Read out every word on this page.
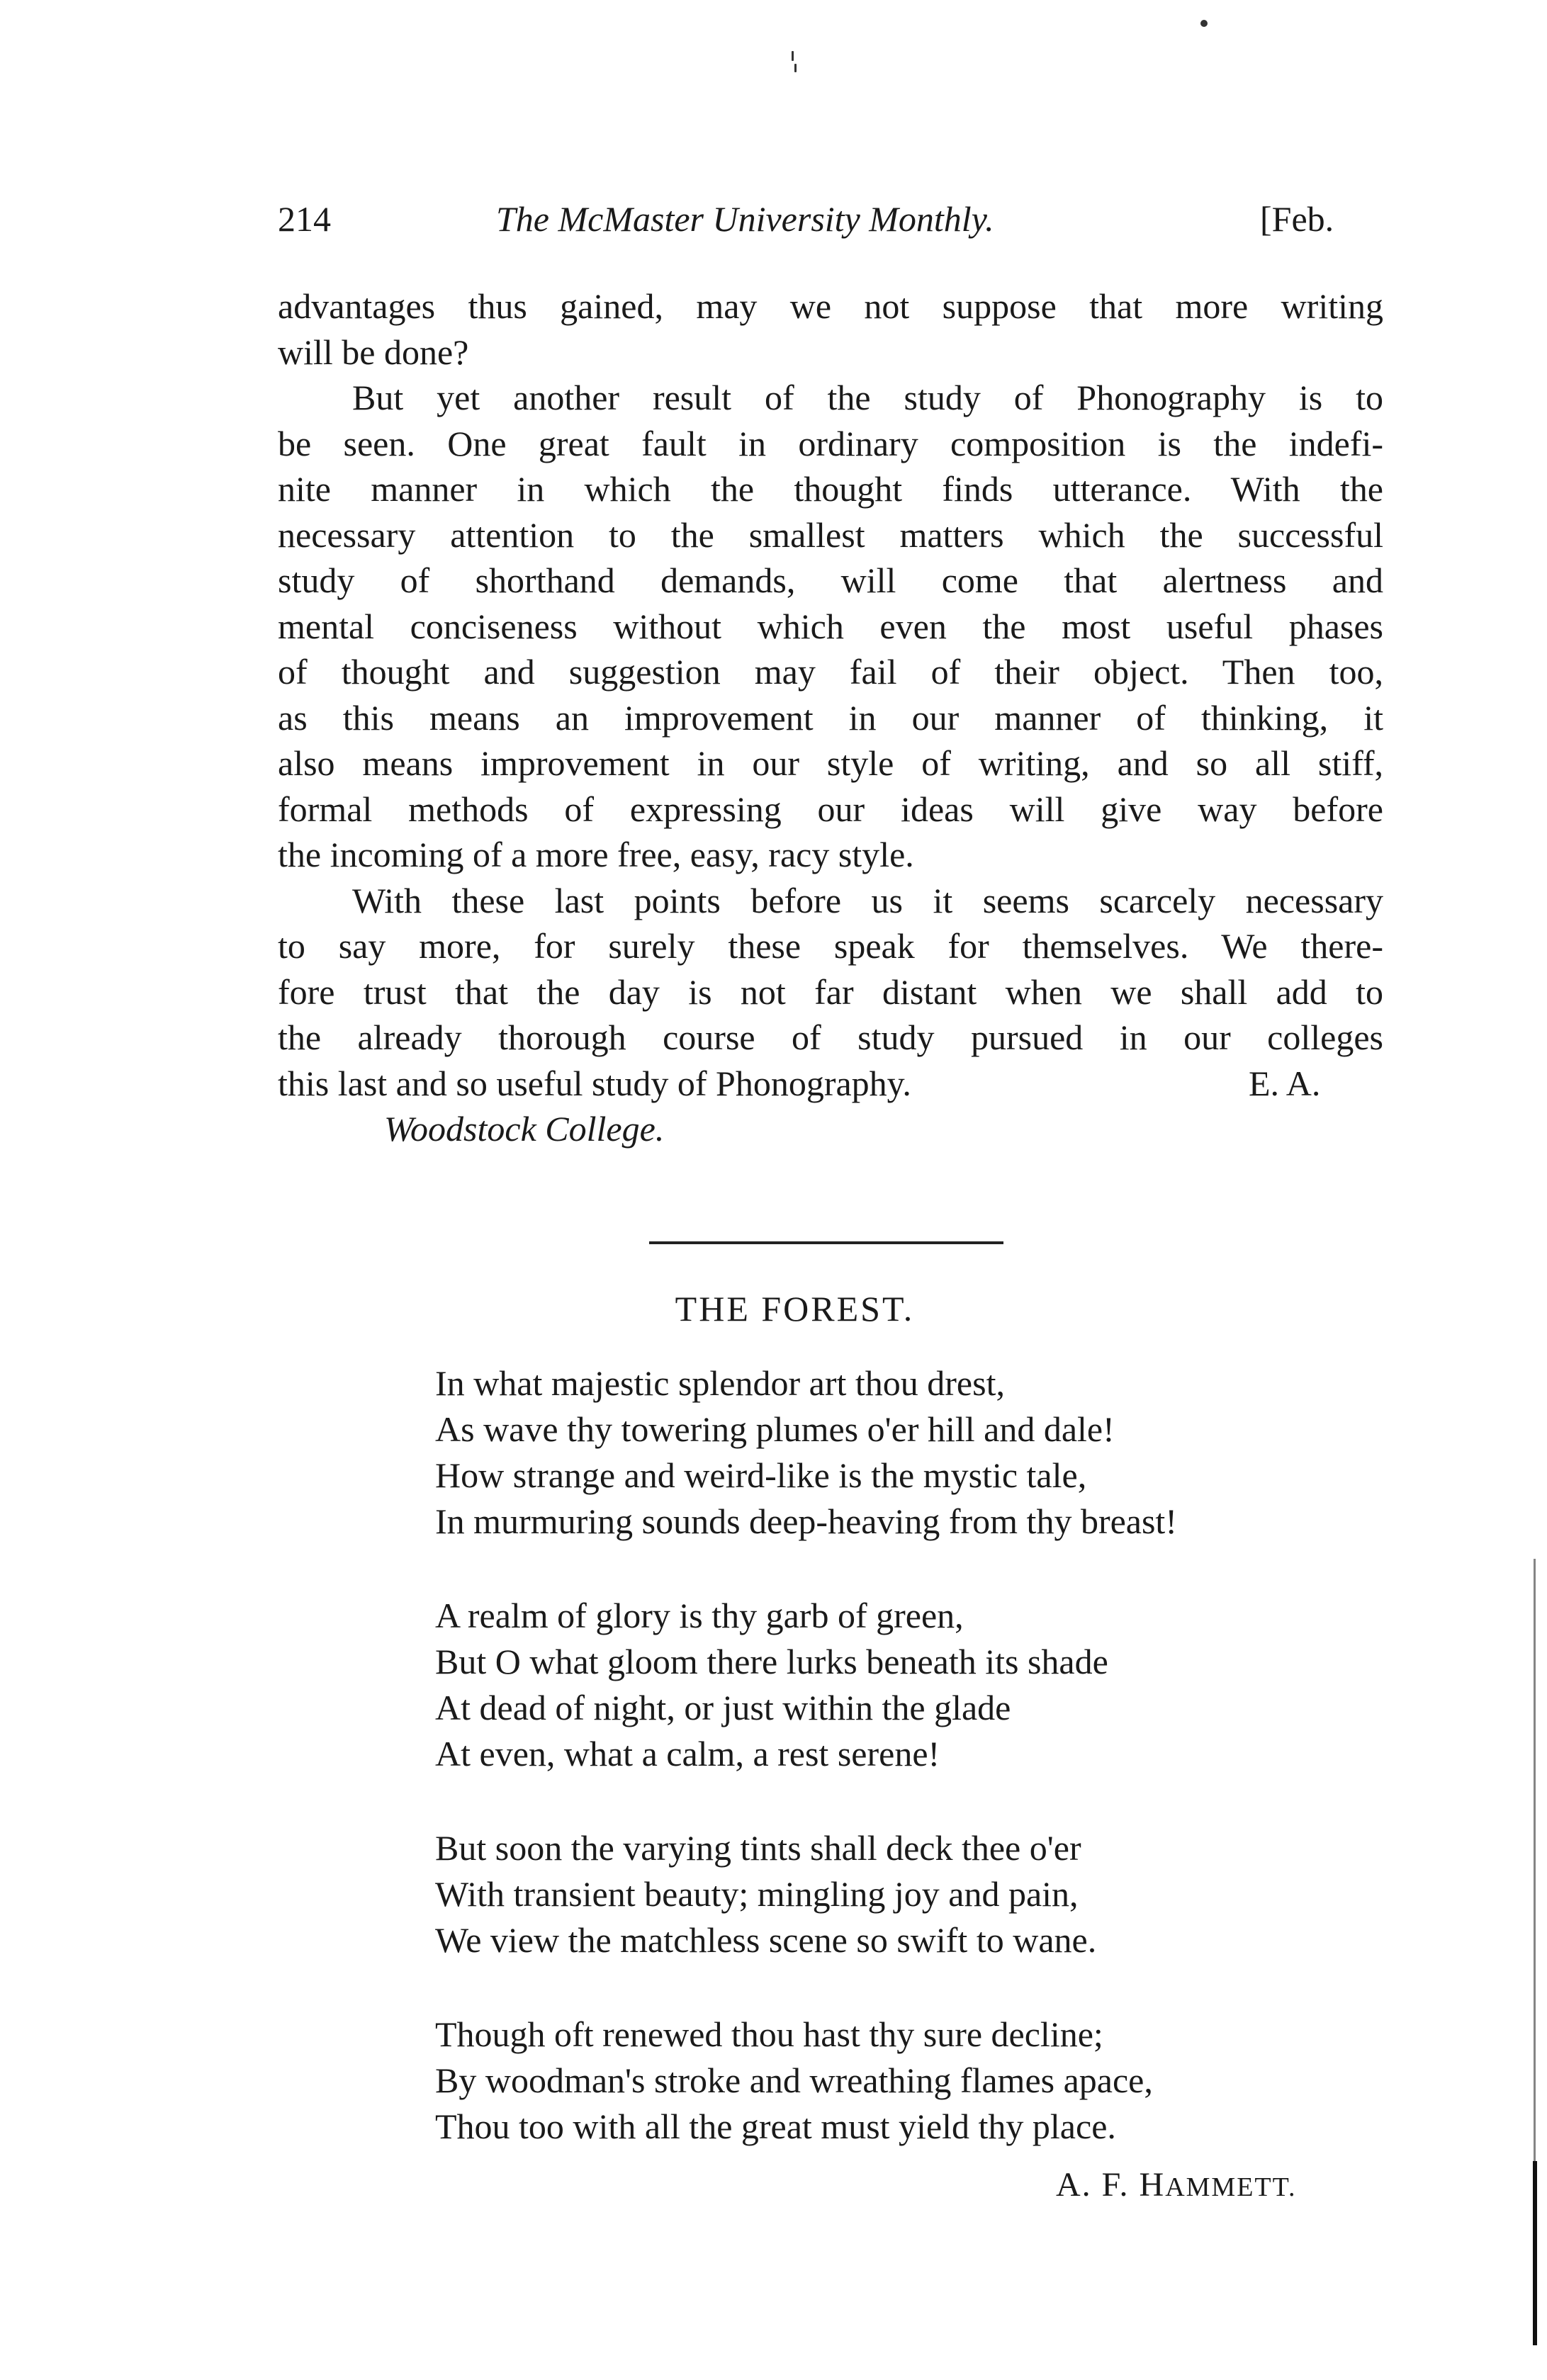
214	The McMaster University Monthly.	[Feb.

advantages thus gained, may we not suppose that more writing
will be done?

But yet another result of the study of Phonography is to
be seen. One great fault in ordinary composition is the indefi-
nite manner in which the thought finds utterance. With the
necessary attention to the smallest matters which the successful
study of shorthand demands, will come that alertness and
mental conciseness without which even the most useful phases
of thought and suggestion may fail of their object. Then too,
as this means an improvement in our manner of thinking, it
also means improvement in our style of writing, and so all stiff,
formal methods of expressing our ideas will give way before
the incoming of a more free, easy, racy style.

With these last points before us it seems scarcely necessary
to say more, for surely these speak for themselves. We there-
fore trust that the day is not far distant when we shall add to
the already thorough course of study pursued in our colleges
this last and so useful study of Phonography.	E. A.
Woodstock College.

THE FOREST.
In what majestic splendor art thou drest,
As wave thy towering plumes o'er hill and dale!
How strange and weird-like is the mystic tale,
In murmuring sounds deep-heaving from thy breast!
A realm of glory is thy garb of green,
But O what gloom there lurks beneath its shade
At dead of night, or just within the glade
At even, what a calm, a rest serene!
But soon the varying tints shall deck thee o'er
With transient beauty; mingling joy and pain,
We view the matchless scene so swift to wane.
Though oft renewed thou hast thy sure decline;
By woodman's stroke and wreathing flames apace,
Thou too with all the great must yield thy place.
A. F. HAMMETT.
